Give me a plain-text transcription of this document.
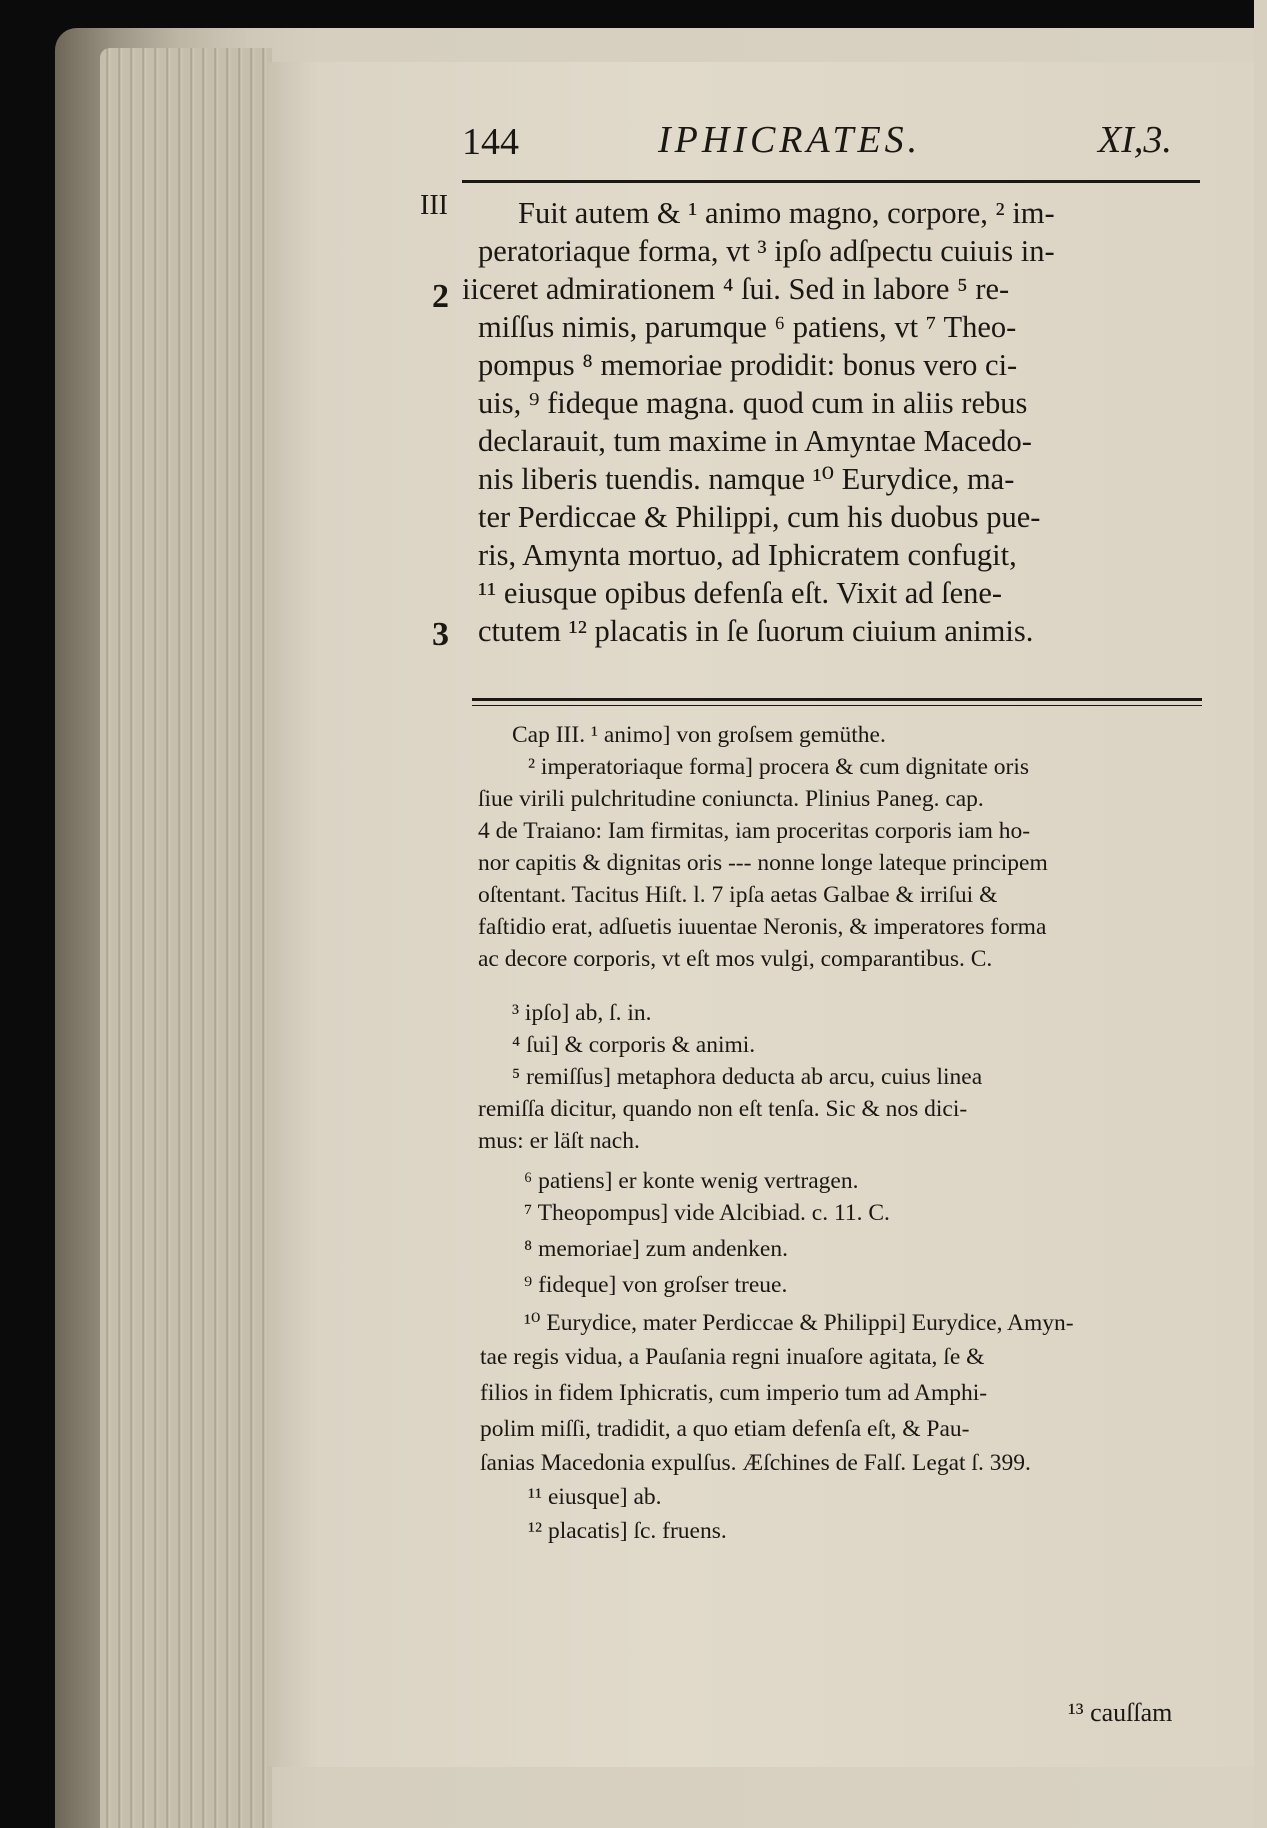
144	IPHICRATES.	XI,3.
III
2
3
Fuit autem & ¹ animo magno, corpore, ² im-
peratoriaque forma, vt ³ ipſo adſpectu cuiuis in-
iiceret admirationem ⁴ ſui. Sed in labore ⁵ re-
miſſus nimis, parumque ⁶ patiens, vt ⁷ Theo-
pompus ⁸ memoriae prodidit: bonus vero ci-
uis, ⁹ fideque magna. quod cum in aliis rebus
declarauit, tum maxime in Amyntae Macedo-
nis liberis tuendis. namque ¹⁰ Eurydice, ma-
ter Perdiccae & Philippi, cum his duobus pue-
ris, Amynta mortuo, ad Iphicratem confugit,
¹¹ eiusque opibus defenſa eſt. Vixit ad ſene-
ctutem ¹² placatis in ſe ſuorum ciuium animis.
Cap III. ¹ animo] von groſsem gemüthe.
² imperatoriaque forma] procera & cum dignitate oris
ſiue virili pulchritudine coniuncta. Plinius Paneg. cap.
4 de Traiano: Iam firmitas, iam proceritas corporis iam ho-
nor capitis & dignitas oris --- nonne longe lateque principem
oſtentant. Tacitus Hiſt. l. 7 ipſa aetas Galbae & irriſui &
faſtidio erat, adſuetis iuuentae Neronis, & imperatores forma
ac decore corporis, vt eſt mos vulgi, comparantibus. C.
³ ipſo] ab, ſ. in.
⁴ ſui] & corporis & animi.
⁵ remiſſus] metaphora deducta ab arcu, cuius linea
remiſſa dicitur, quando non eſt tenſa. Sic & nos dici-
mus: er läſt nach.
⁶ patiens] er konte wenig vertragen.
⁷ Theopompus] vide Alcibiad. c. 11. C.
⁸ memoriae] zum andenken.
⁹ fideque] von groſser treue.
¹⁰ Eurydice, mater Perdiccae & Philippi] Eurydice, Amyn-
tae regis vidua, a Pauſania regni inuaſore agitata, ſe &
filios in fidem Iphicratis, cum imperio tum ad Amphi-
polim miſſi, tradidit, a quo etiam defenſa eſt, & Pau-
ſanias Macedonia expulſus. Æſchines de Falſ. Legat ſ. 399.
¹¹ eiusque] ab.
¹² placatis] ſc. fruens.
¹³ cauſſam
